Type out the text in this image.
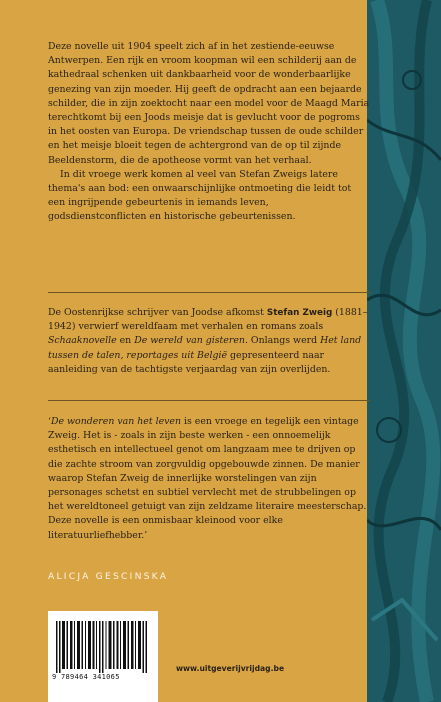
Deze novelle uit 1904 speelt zich af in het zestiende-eeuwse Antwerpen. Een rijk en vroom koopman wil een schilderij aan de kathedraal schenken uit dankbaarheid voor de wonderbaarlijke genezing van zijn moeder. Hij geeft de opdracht aan een bejaarde schilder, die in zijn zoektocht naar een model voor de Maagd Maria terechtkomt bij een Joods meisje dat is gevlucht voor de pogroms in het oosten van Europa. De vriendschap tussen de oude schilder en het meisje bloeit tegen de achtergrond van de op til zijnde Beeldenstorm, die de apotheose vormt van het verhaal.

In dit vroege werk komen al veel van Stefan Zweigs latere thema's aan bod: een onwaarschijnlijke ontmoeting die leidt tot een ingrijpende gebeurtenis in iemands leven, godsdienstconflicten en historische gebeurtenissen.

De Oostenrijkse schrijver van Joodse afkomst Stefan Zweig (1881–1942) verwierf wereldfaam met verhalen en romans zoals Schaaknovelle en De wereld van gisteren. Onlangs werd Het land tussen de talen, reportages uit België gepresenteerd naar aanleiding van de tachtigste verjaardag van zijn overlijden.

‘De wonderen van het leven is een vroege en tegelijk een vintage Zweig. Het is - zoals in zijn beste werken - een onnoemelijk esthetisch en intellectueel genot om langzaam mee te drijven op die zachte stroom van zorgvuldig opgebouwde zinnen. De manier waarop Stefan Zweig de innerlijke worstelingen van zijn personages schetst en subtiel vervlecht met de strubbelingen op het wereldtoneel getuigt van zijn zeldzame literaire meesterschap. Deze novelle is een onmisbaar kleinood voor elke literatuurliefhebber.’

ALICJA GESCINSKA
9 789464 341065
www.uitgeverijvrijdag.be
